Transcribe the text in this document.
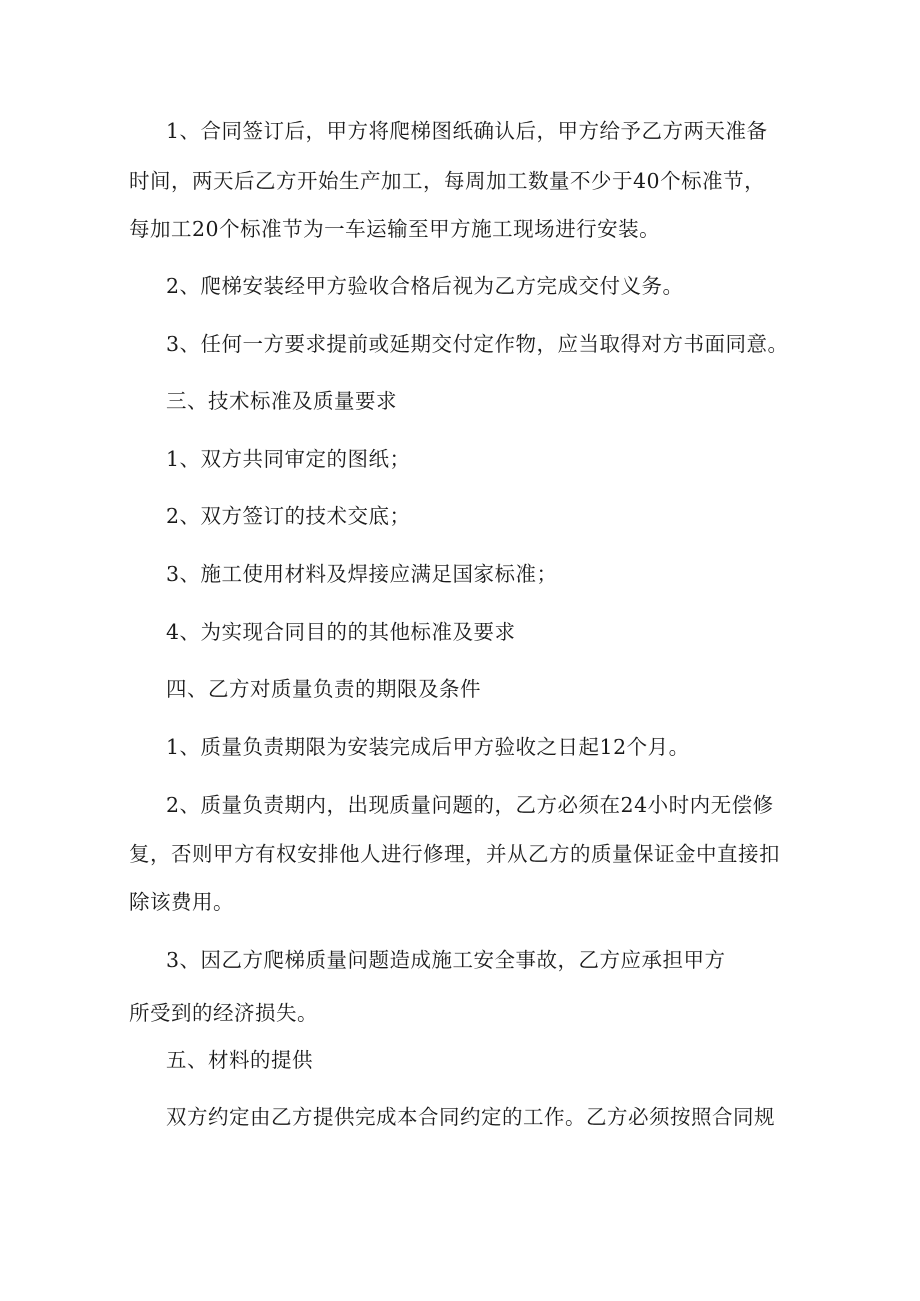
1、合同签订后，甲方将爬梯图纸确认后，甲方给予乙方两天准备
时间，两天后乙方开始生产加工，每周加工数量不少于40个标准节，
每加工20个标准节为一车运输至甲方施工现场进行安装。
2、爬梯安装经甲方验收合格后视为乙方完成交付义务。
3、任何一方要求提前或延期交付定作物，应当取得对方书面同意。
三、技术标准及质量要求
1、双方共同审定的图纸；
2、双方签订的技术交底；
3、施工使用材料及焊接应满足国家标准；
4、为实现合同目的的其他标准及要求
四、乙方对质量负责的期限及条件
1、质量负责期限为安装完成后甲方验收之日起12个月。
2、质量负责期内，出现质量问题的，乙方必须在24小时内无偿修
复，否则甲方有权安排他人进行修理，并从乙方的质量保证金中直接扣
除该费用。
3、因乙方爬梯质量问题造成施工安全事故，乙方应承担甲方
所受到的经济损失。
五、材料的提供
双方约定由乙方提供完成本合同约定的工作。乙方必须按照合同规
